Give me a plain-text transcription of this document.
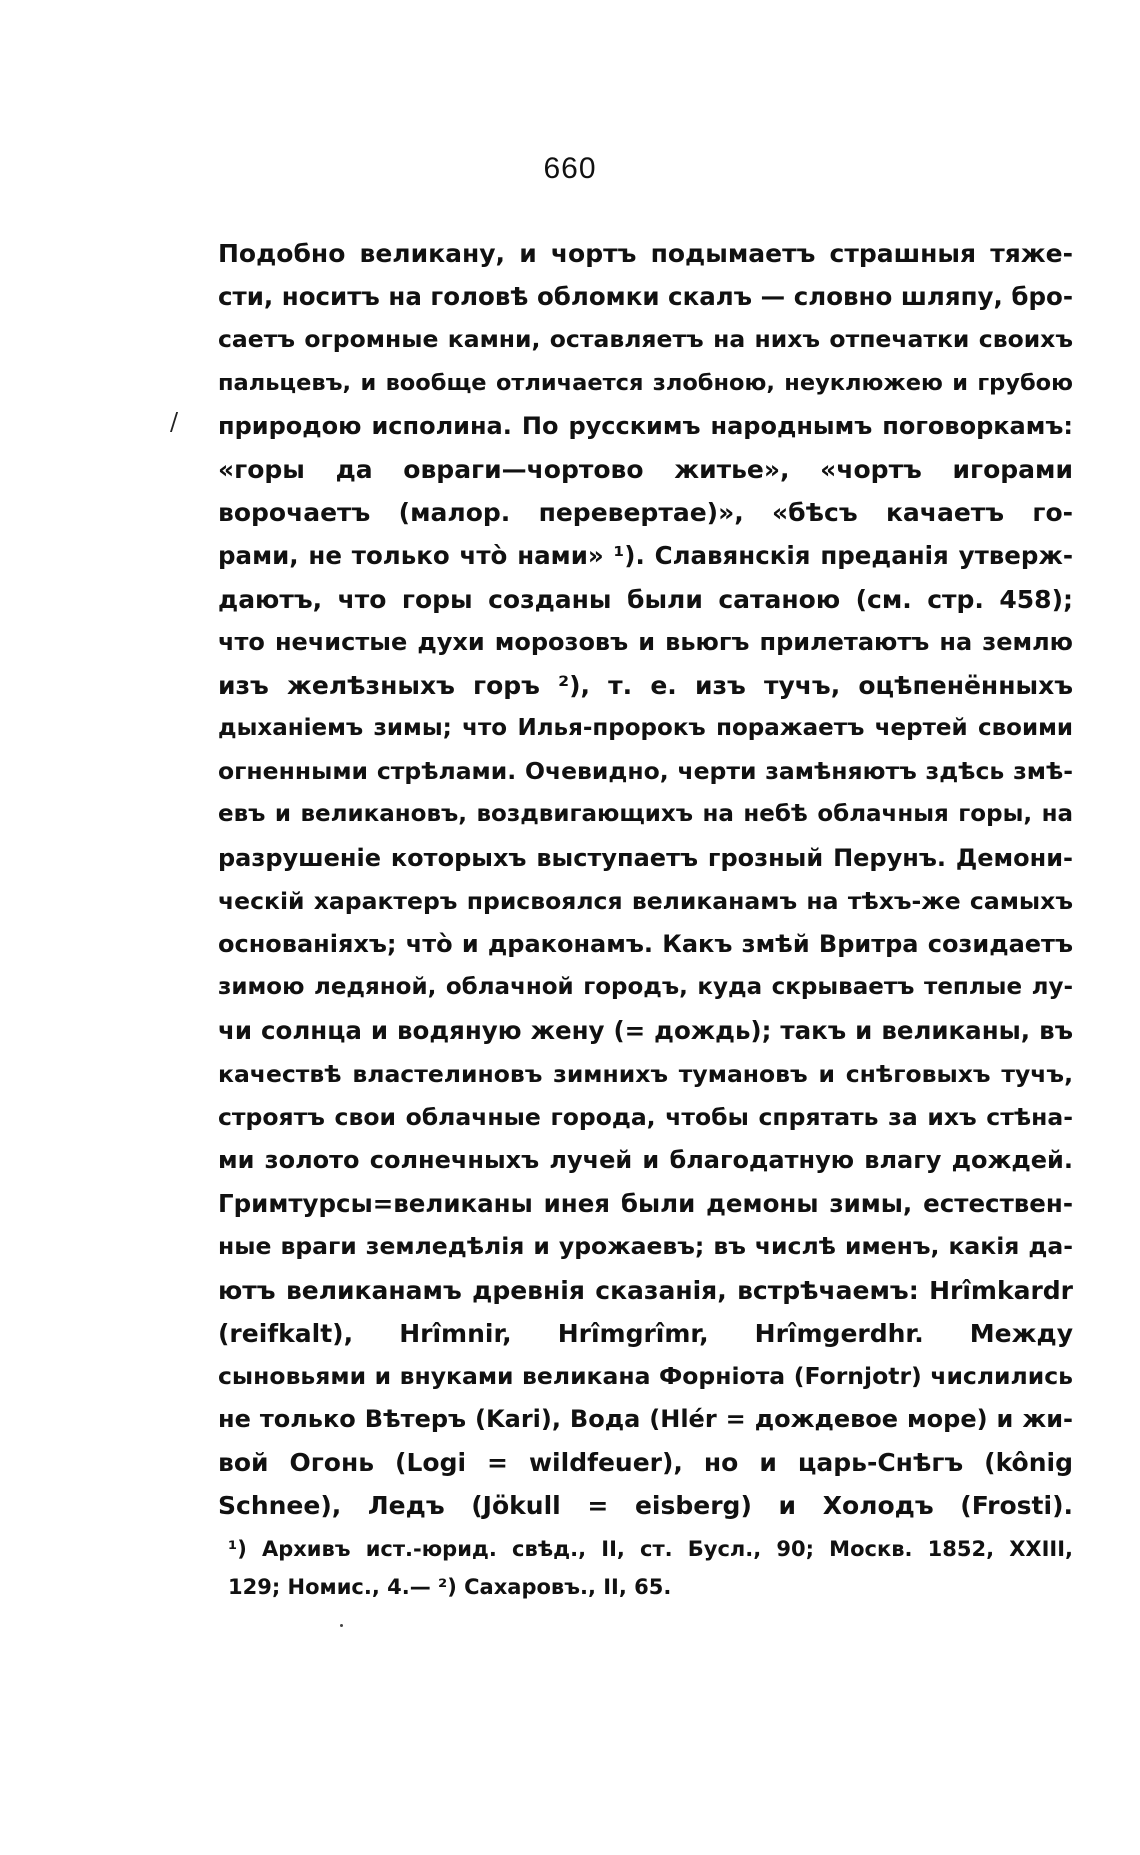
660
/
Подобно великану, и чортъ подымаетъ страшныя тяже-
сти, носитъ на головѣ обломки скалъ — словно шляпу, бро-
саетъ огромные камни, оставляетъ на нихъ отпечатки своихъ
пальцевъ, и вообще отличается злобною, неуклюжею и грубою
природою исполина. По русскимъ народнымъ поговоркамъ:
«горы да овраги—чортово житье», «чортъ игорами
ворочаетъ (малор. перевертае)», «бѣсъ качаетъ го-
рами, не только что̀ нами» ¹). Славянскія преданія утверж-
даютъ, что горы созданы были сатаною (см. стр. 458);
что нечистые духи морозовъ и вьюгъ прилетаютъ на землю
изъ желѣзныхъ горъ ²), т. е. изъ тучъ, оцѣпенённыхъ
дыханіемъ зимы; что Илья-пророкъ поражаетъ чертей своими
огненными стрѣлами. Очевидно, черти замѣняютъ здѣсь змѣ-
евъ и великановъ, воздвигающихъ на небѣ облачныя горы, на
разрушеніе которыхъ выступаетъ грозный Перунъ. Демони-
ческій характеръ присвоялся великанамъ на тѣхъ-же самыхъ
основаніяхъ; что̀ и драконамъ. Какъ змѣй Вритра созидаетъ
зимою ледяной, облачной городъ, куда скрываетъ теплые лу-
чи солнца и водяную жену (= дождь); такъ и великаны, въ
качествѣ властелиновъ зимнихъ тумановъ и снѣговыхъ тучъ,
строятъ свои облачные города, чтобы спрятать за ихъ стѣна-
ми золото солнечныхъ лучей и благодатную влагу дождей.
Гримтурсы=великаны инея были демоны зимы, естествен-
ные враги земледѣлія и урожаевъ; въ числѣ именъ, какія да-
ютъ великанамъ древнія сказанія, встрѣчаемъ: Hrîmkardr
(reifkalt), Hrîmnir, Hrîmgrîmr, Hrîmgerdhr. Между
сыновьями и внуками великана Форніота (Fornjotr) числились
не только Вѣтеръ (Kari), Вода (Hlér = дождевое море) и жи-
вой Огонь (Logi = wildfeuer), но и царь-Снѣгъ (kônig
Schnee), Ледъ (Jökull = eisberg) и Холодъ (Frosti).
¹) Архивъ ист.-юрид. свѣд., II, ст. Бусл., 90; Москв. 1852, XXIII,
129; Номис., 4.— ²) Сахаровъ., II, 65.
